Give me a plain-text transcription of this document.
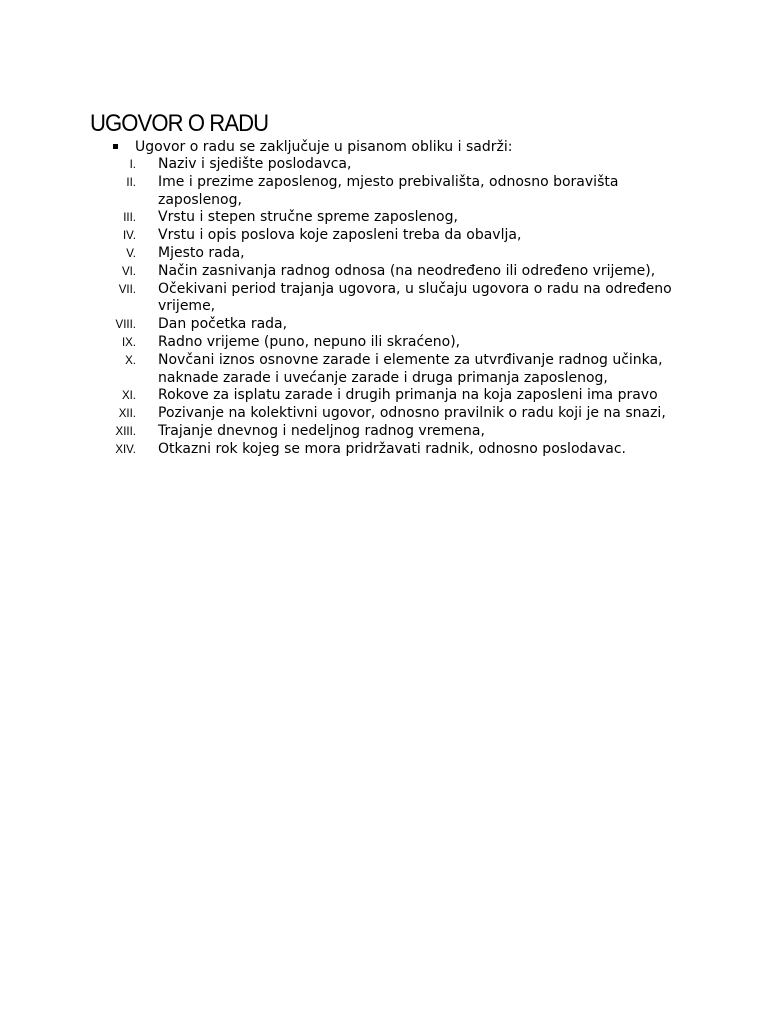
UGOVOR O RADU
Ugovor o radu se zaključuje u pisanom obliku i sadrži:
I. Naziv i sjedište poslodavca,
II. Ime i prezime zaposlenog, mjesto prebivališta, odnosno boravišta
zaposlenog,
III. Vrstu i stepen stručne spreme zaposlenog,
IV. Vrstu i opis poslova koje zaposleni treba da obavlja,
V. Mjesto rada,
VI. Način zasnivanja radnog odnosa (na neodređeno ili određeno vrijeme),
VII. Očekivani period trajanja ugovora, u slučaju ugovora o radu na određeno
vrijeme,
VIII. Dan početka rada,
IX. Radno vrijeme (puno, nepuno ili skraćeno),
X. Novčani iznos osnovne zarade i elemente za utvrđivanje radnog učinka,
naknade zarade i uvećanje zarade i druga primanja zaposlenog,
XI. Rokove za isplatu zarade i drugih primanja na koja zaposleni ima pravo
XII. Pozivanje na kolektivni ugovor, odnosno pravilnik o radu koji je na snazi,
XIII. Trajanje dnevnog i nedeljnog radnog vremena,
XIV. Otkazni rok kojeg se mora pridržavati radnik, odnosno poslodavac.
